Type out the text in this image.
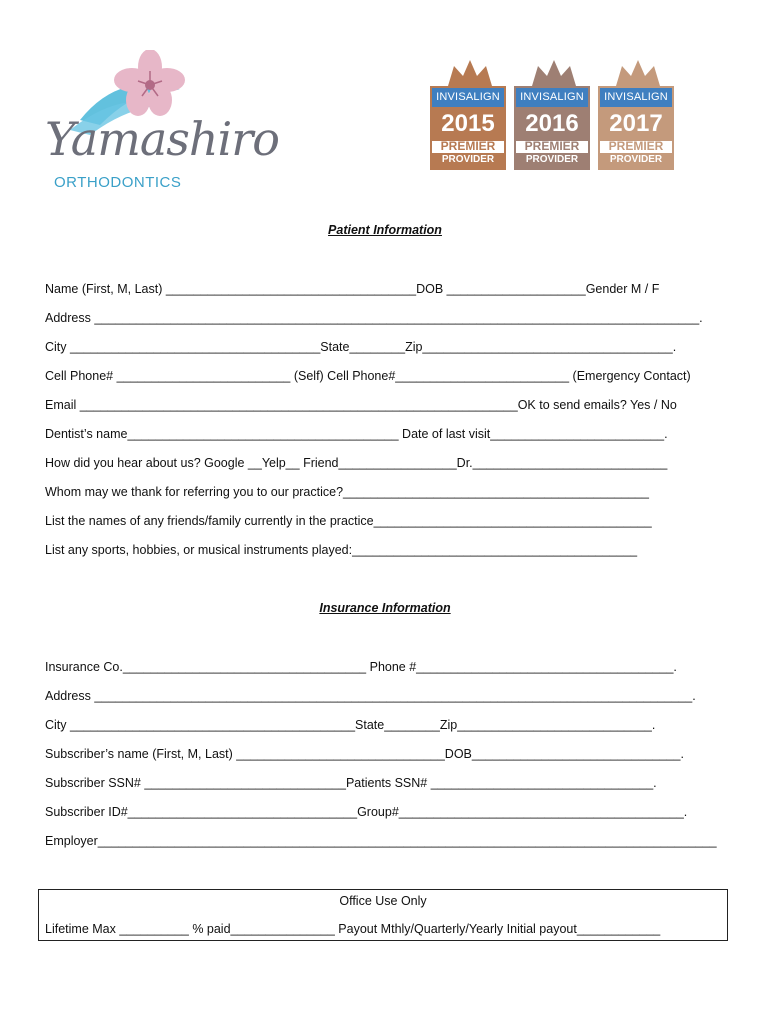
Yamashiro
ORTHODONTICS
INVISALIGN
2015
PREMIER
PROVIDER
INVISALIGN
2016
PREMIER
PROVIDER
INVISALIGN
2017
PREMIER
PROVIDER
Patient Information
Name (First, M, Last) ____________________________________DOB ____________________Gender M / F
Address _______________________________________________________________________________________.
City ____________________________________State________Zip____________________________________.
Cell Phone# _________________________ (Self) Cell Phone#_________________________ (Emergency Contact)
Email _______________________________________________________________OK to send emails? Yes / No
Dentist’s name_______________________________________ Date of last visit_________________________.
How did you hear about us? Google __Yelp__ Friend_________________Dr.____________________________
Whom may we thank for referring you to our practice?____________________________________________
List the names of any friends/family currently in the practice________________________________________
List any sports, hobbies, or musical instruments played:_________________________________________
Insurance Information
Insurance Co.___________________________________ Phone #_____________________________________.
Address ______________________________________________________________________________________.
City _________________________________________State________Zip____________________________.
Subscriber’s name (First, M, Last) ______________________________DOB______________________________.
Subscriber SSN# _____________________________Patients SSN# ________________________________.
Subscriber ID#_________________________________Group#_________________________________________.
Employer_________________________________________________________________________________________
Office Use Only
Lifetime Max __________ % paid_______________ Payout Mthly/Quarterly/Yearly Initial payout____________
